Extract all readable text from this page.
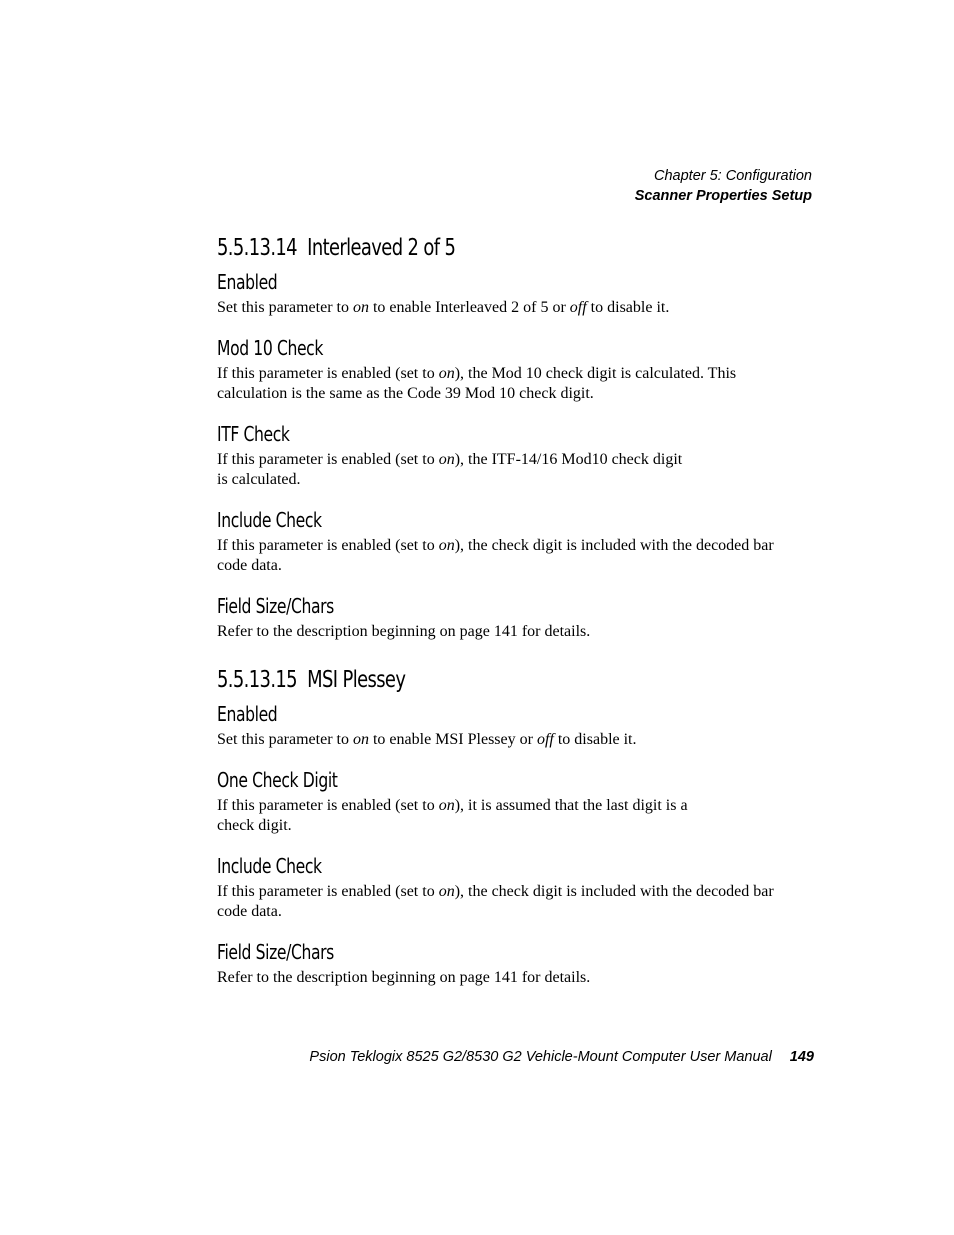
Chapter 5: Configuration
Scanner Properties Setup
5.5.13.14 Interleaved 2 of 5
Enabled

Set this parameter to on to enable Interleaved 2 of 5 or off to disable it.

Mod 10 Check

If this parameter is enabled (set to on), the Mod 10 check digit is calculated. This calculation is the same as the Code 39 Mod 10 check digit.

ITF Check

If this parameter is enabled (set to on), the ITF-14/16 Mod10 check digit
is calculated.

Include Check

If this parameter is enabled (set to on), the check digit is included with the decoded bar code data.

Field Size/Chars

Refer to the description beginning on page 141 for details.

5.5.13.15 MSI Plessey
Enabled

Set this parameter to on to enable MSI Plessey or off to disable it.

One Check Digit

If this parameter is enabled (set to on), it is assumed that the last digit is a
check digit.

Include Check

If this parameter is enabled (set to on), the check digit is included with the decoded bar code data.

Field Size/Chars

Refer to the description beginning on page 141 for details.

Psion Teklogix 8525 G2/8530 G2 Vehicle-Mount Computer User Manual 149
